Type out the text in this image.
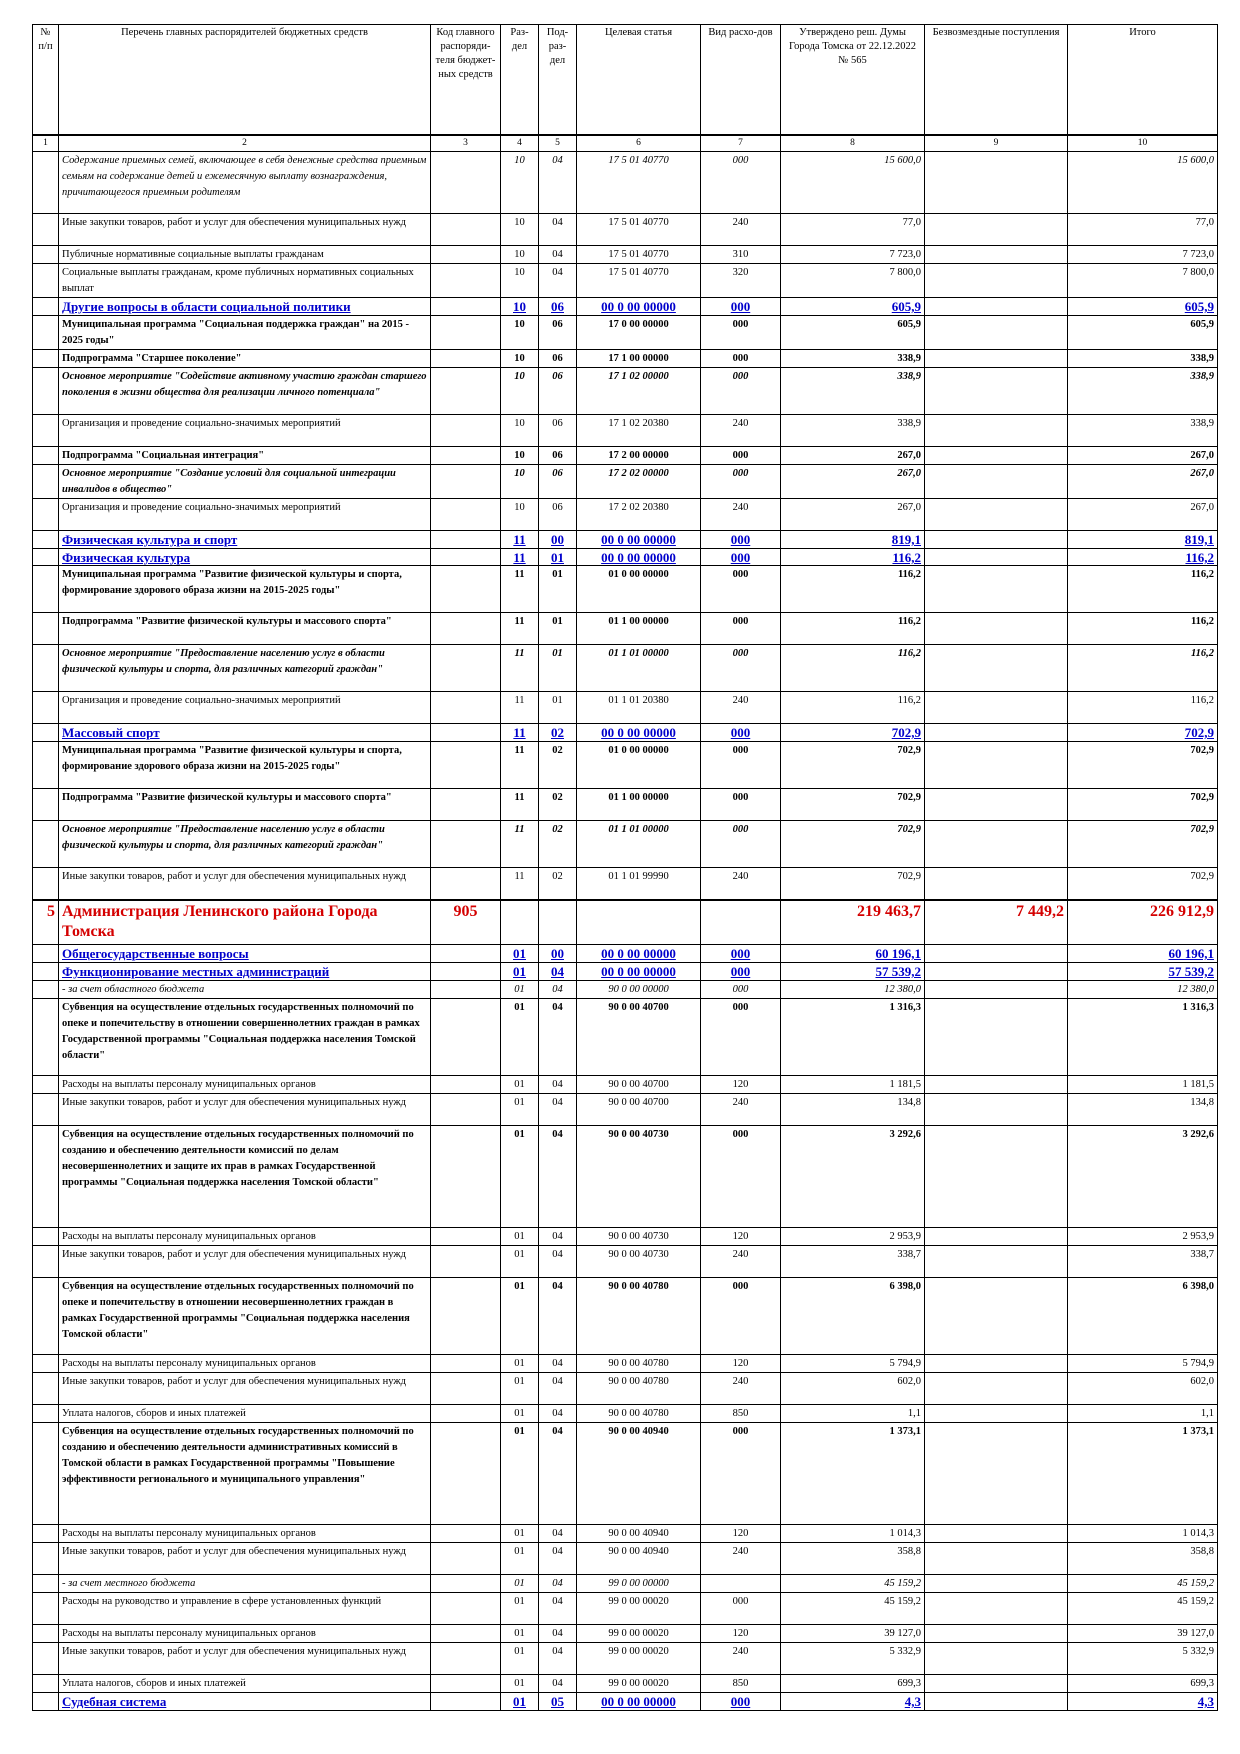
№ п/п	Перечень главных распорядителей бюджетных средств	Код главного распоряди-теля бюджет-ных средств	Раз-дел	Под-раз-дел	Целевая статья	Вид расхо-дов	Утверждено реш. Думы Города Томска от 22.12.2022 № 565	Безвозмездные поступления	Итого
1	2	3	4	5	6	7	8	9	10
	Содержание приемных семей, включающее в себя денежные средства приемным семьям на содержание детей и ежемесячную выплату вознаграждения, причитающегося приемным родителям		10	04	17 5 01 40770	000	15 600,0		15 600,0
	Иные закупки товаров, работ и услуг для обеспечения муниципальных нужд		10	04	17 5 01 40770	240	77,0		77,0
	Публичные нормативные социальные выплаты гражданам		10	04	17 5 01 40770	310	7 723,0		7 723,0
	Социальные выплаты гражданам, кроме публичных нормативных социальных выплат		10	04	17 5 01 40770	320	7 800,0		7 800,0
	Другие вопросы в области социальной политики		10	06	00 0 00 00000	000	605,9		605,9
	Муниципальная программа "Социальная поддержка граждан" на 2015 - 2025 годы"		10	06	17 0 00 00000	000	605,9		605,9
	Подпрограмма "Старшее поколение"		10	06	17 1 00 00000	000	338,9		338,9
	Основное мероприятие "Содействие активному участию граждан старшего поколения в жизни общества для реализации личного потенциала"		10	06	17 1 02 00000	000	338,9		338,9
	Организация и проведение социально-значимых мероприятий		10	06	17 1 02 20380	240	338,9		338,9
	Подпрограмма "Социальная интеграция"		10	06	17 2 00 00000	000	267,0		267,0
	Основное мероприятие "Создание условий для социальной интеграции инвалидов в общество"		10	06	17 2 02 00000	000	267,0		267,0
	Организация и проведение социально-значимых мероприятий		10	06	17 2 02 20380	240	267,0		267,0
	Физическая культура и спорт		11	00	00 0 00 00000	000	819,1		819,1
	Физическая культура		11	01	00 0 00 00000	000	116,2		116,2
	Муниципальная программа "Развитие физической культуры и спорта, формирование здорового образа жизни на 2015-2025 годы"		11	01	01 0 00 00000	000	116,2		116,2
	Подпрограмма "Развитие физической культуры и массового спорта"		11	01	01 1 00 00000	000	116,2		116,2
	Основное мероприятие "Предоставление населению услуг в области физической культуры и спорта, для различных категорий граждан"		11	01	01 1 01 00000	000	116,2		116,2
	Организация и проведение социально-значимых мероприятий		11	01	01 1 01 20380	240	116,2		116,2
	Массовый спорт		11	02	00 0 00 00000	000	702,9		702,9
	Муниципальная программа "Развитие физической культуры и спорта, формирование здорового образа жизни на 2015-2025 годы"		11	02	01 0 00 00000	000	702,9		702,9
	Подпрограмма "Развитие физической культуры и массового спорта"		11	02	01 1 00 00000	000	702,9		702,9
	Основное мероприятие "Предоставление населению услуг в области физической культуры и спорта, для различных категорий граждан"		11	02	01 1 01 00000	000	702,9		702,9
	Иные закупки товаров, работ и услуг для обеспечения муниципальных нужд		11	02	01 1 01 99990	240	702,9		702,9
5	Администрация Ленинского района Города Томска	905					219 463,7	7 449,2	226 912,9
	Общегосударственные вопросы		01	00	00 0 00 00000	000	60 196,1		60 196,1
	Функционирование местных администраций		01	04	00 0 00 00000	000	57 539,2		57 539,2
	- за счет областного бюджета		01	04	90 0 00 00000	000	12 380,0		12 380,0
	Субвенция на осуществление отдельных государственных полномочий по опеке и попечительству в отношении совершеннолетних граждан в рамках Государственной программы "Социальная поддержка населения Томской области"		01	04	90 0 00 40700	000	1 316,3		1 316,3
	Расходы на выплаты персоналу муниципальных органов		01	04	90 0 00 40700	120	1 181,5		1 181,5
	Иные закупки товаров, работ и услуг для обеспечения муниципальных нужд		01	04	90 0 00 40700	240	134,8		134,8
	Субвенция на осуществление отдельных государственных полномочий по созданию и обеспечению деятельности комиссий по делам несовершеннолетних и защите их прав в рамках Государственной программы "Социальная поддержка населения Томской области"		01	04	90 0 00 40730	000	3 292,6		3 292,6
	Расходы на выплаты персоналу муниципальных органов		01	04	90 0 00 40730	120	2 953,9		2 953,9
	Иные закупки товаров, работ и услуг для обеспечения муниципальных нужд		01	04	90 0 00 40730	240	338,7		338,7
	Субвенция на осуществление отдельных государственных полномочий по опеке и попечительству в отношении несовершеннолетних граждан в рамках Государственной программы "Социальная поддержка населения Томской области"		01	04	90 0 00 40780	000	6 398,0		6 398,0
	Расходы на выплаты персоналу муниципальных органов		01	04	90 0 00 40780	120	5 794,9		5 794,9
	Иные закупки товаров, работ и услуг для обеспечения муниципальных нужд		01	04	90 0 00 40780	240	602,0		602,0
	Уплата налогов, сборов и иных платежей		01	04	90 0 00 40780	850	1,1		1,1
	Субвенция на осуществление отдельных государственных полномочий по созданию и обеспечению деятельности административных комиссий в Томской области в рамках Государственной программы "Повышение эффективности регионального и муниципального управления"		01	04	90 0 00 40940	000	1 373,1		1 373,1
	Расходы на выплаты персоналу муниципальных органов		01	04	90 0 00 40940	120	1 014,3		1 014,3
	Иные закупки товаров, работ и услуг для обеспечения муниципальных нужд		01	04	90 0 00 40940	240	358,8		358,8
	- за счет местного бюджета		01	04	99 0 00 00000		45 159,2		45 159,2
	Расходы на руководство и управление в сфере установленных функций		01	04	99 0 00 00020	000	45 159,2		45 159,2
	Расходы на выплаты персоналу муниципальных органов		01	04	99 0 00 00020	120	39 127,0		39 127,0
	Иные закупки товаров, работ и услуг для обеспечения муниципальных нужд		01	04	99 0 00 00020	240	5 332,9		5 332,9
	Уплата налогов, сборов и иных платежей		01	04	99 0 00 00020	850	699,3		699,3
	Судебная система		01	05	00 0 00 00000	000	4,3		4,3
